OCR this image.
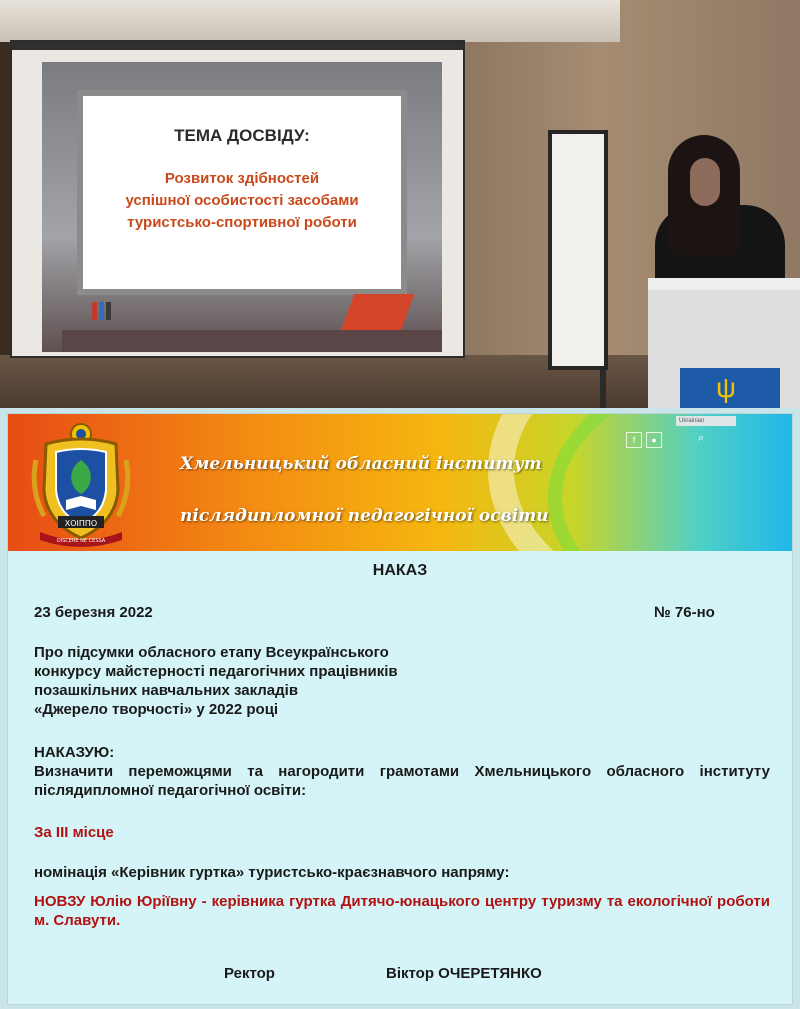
ТЕМА ДОСВІДУ:
Розвиток здібностей
успішної особистості засобами
туристсько-спортивної роботи
ψ
ХОІППО
DISCERE NE CESSA
Хмельницький обласний інститут
післядипломної педагогічної освіти
Ukrainian
f	●	⌕
НАКАЗ
23 березня 2022	№ 76-но
Про підсумки обласного етапу Всеукраїнського
конкурсу майстерності педагогічних працівників
позашкільних навчальних закладів
«Джерело творчості» у 2022 році
НАКАЗУЮ:
Визначити переможцями та нагородити грамотами Хмельницького обласного інституту післядипломної педагогічної освіти:
За ІІІ місце
номінація «Керівник гуртка» туристсько-краєзнавчого напряму:
НОВЗУ Юлію Юріївну - керівника гуртка Дитячо-юнацького центру туризму та екологічної роботи м. Славути.
Ректор	Віктор ОЧЕРЕТЯНКО
